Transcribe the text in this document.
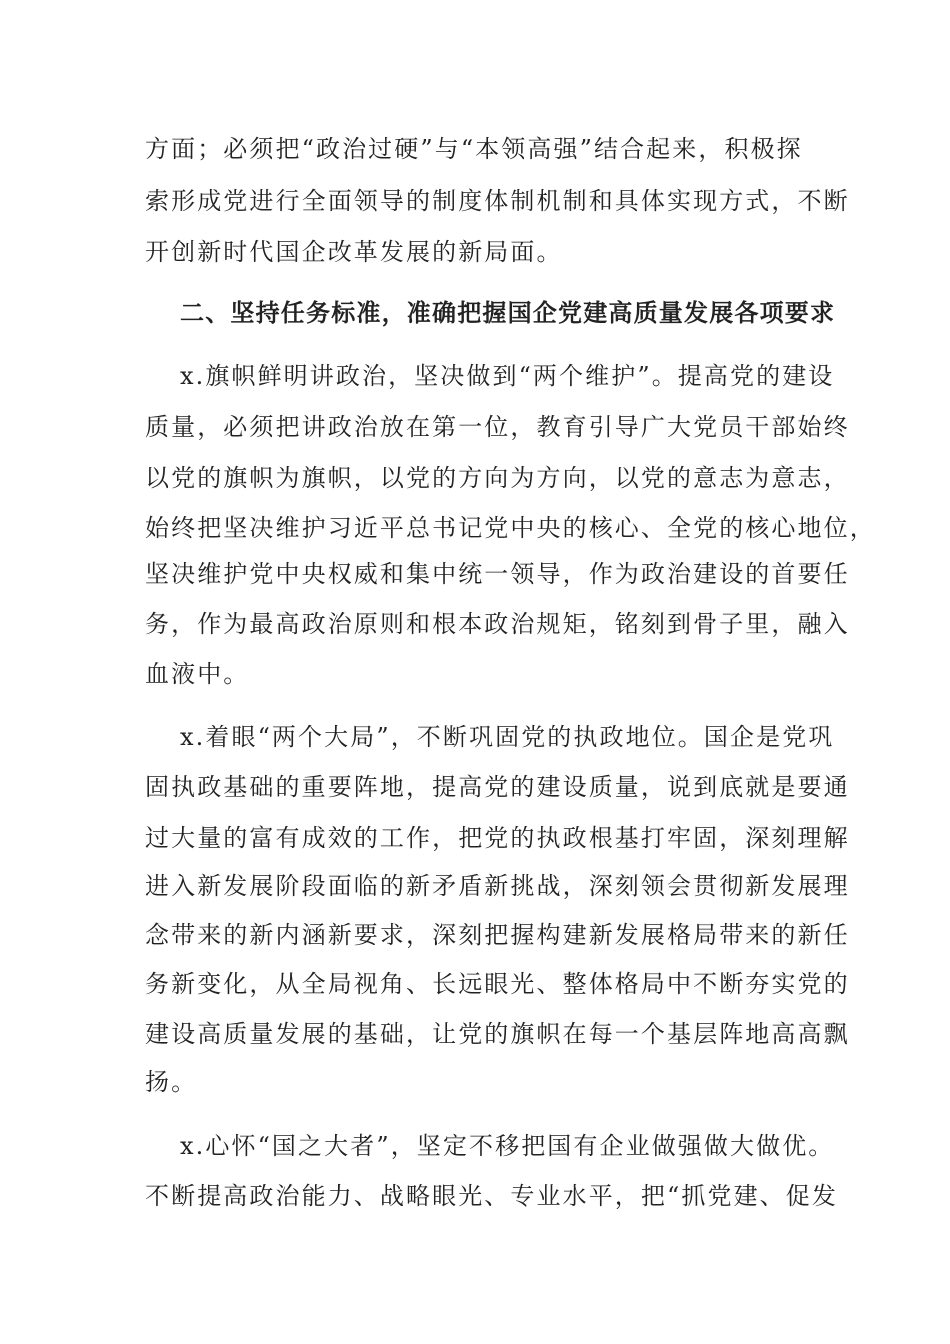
方面；必须把“政治过硬”与“本领高强”结合起来，积极探
索形成党进行全面领导的制度体制机制和具体实现方式，不断
开创新时代国企改革发展的新局面。
二、坚持任务标准，准确把握国企党建高质量发展各项要求
x.旗帜鲜明讲政治，坚决做到“两个维护”。提高党的建设
质量，必须把讲政治放在第一位，教育引导广大党员干部始终
以党的旗帜为旗帜，以党的方向为方向，以党的意志为意志，
始终把坚决维护习近平总书记党中央的核心、全党的核心地位，
坚决维护党中央权威和集中统一领导，作为政治建设的首要任
务，作为最高政治原则和根本政治规矩，铭刻到骨子里，融入
血液中。
x.着眼“两个大局”，不断巩固党的执政地位。国企是党巩
固执政基础的重要阵地，提高党的建设质量，说到底就是要通
过大量的富有成效的工作，把党的执政根基打牢固，深刻理解
进入新发展阶段面临的新矛盾新挑战，深刻领会贯彻新发展理
念带来的新内涵新要求，深刻把握构建新发展格局带来的新任
务新变化，从全局视角、长远眼光、整体格局中不断夯实党的
建设高质量发展的基础，让党的旗帜在每一个基层阵地高高飘
扬。
x.心怀“国之大者”，坚定不移把国有企业做强做大做优。
不断提高政治能力、战略眼光、专业水平，把“抓党建、促发
